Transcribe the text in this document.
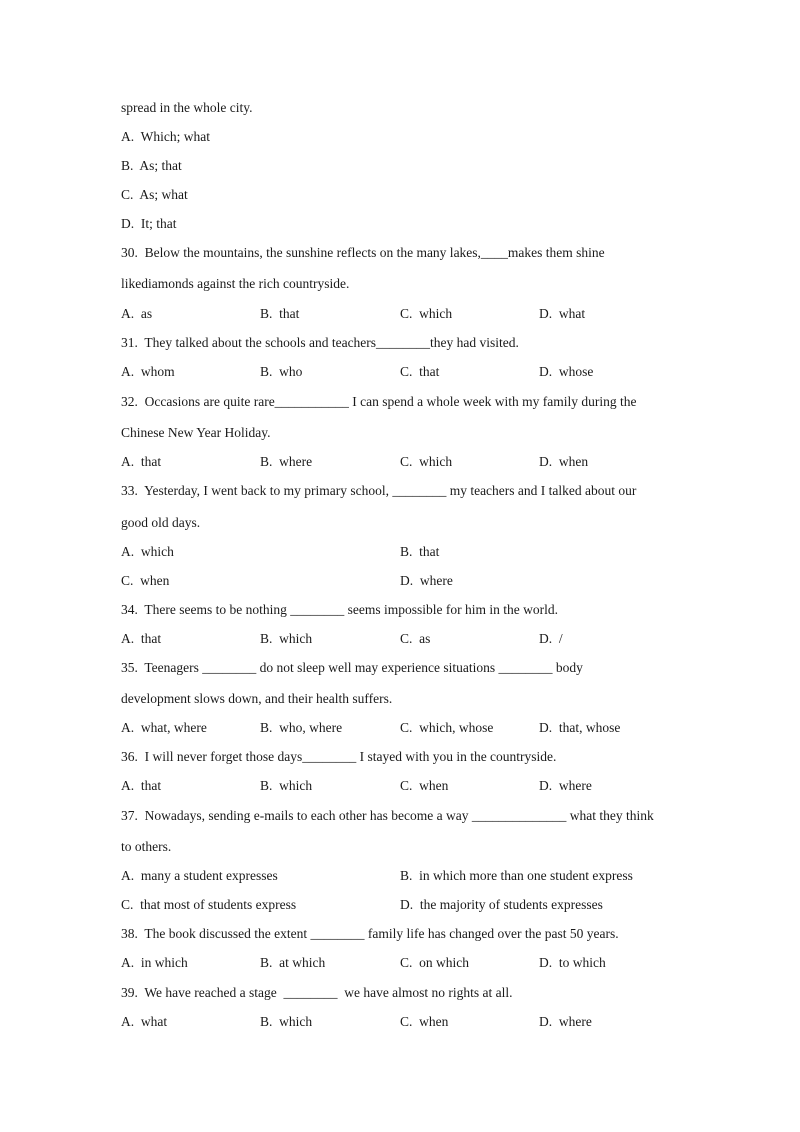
spread in the whole city.
A.  Which; what
B.  As; that
C.  As; what
D.  It; that
30.  Below the mountains, the sunshine reflects on the many lakes,____makes them shine
likediamonds against the rich countryside.
A.  as	B.  that	C.  which	D.  what
31.  They talked about the schools and teachers________they had visited.
A.  whom	B.  who	C.  that	D.  whose
32.  Occasions are quite rare___________ I can spend a whole week with my family during the
Chinese New Year Holiday.
A.  that	B.  where	C.  which	D.  when
33.  Yesterday, I went back to my primary school, ________ my teachers and I talked about our
good old days.
A.  which	B.  that
C.  when	D.  where
34.  There seems to be nothing ________ seems impossible for him in the world.
A.  that	B.  which	C.  as	D.  /
35.  Teenagers ________ do not sleep well may experience situations ________ body
development slows down, and their health suffers.
A.  what, where	B.  who, where	C.  which, whose	D.  that, whose
36.  I will never forget those days________ I stayed with you in the countryside.
A.  that	B.  which	C.  when	D.  where
37.  Nowadays, sending e-mails to each other has become a way ______________ what they think
to others.
A.  many a student expresses	B.  in which more than one student express
C.  that most of students express	D.  the majority of students expresses
38.  The book discussed the extent ________ family life has changed over the past 50 years.
A.  in which	B.  at which	C.  on which	D.  to which
39.  We have reached a stage  ________  we have almost no rights at all.
A.  what	B.  which	C.  when	D.  where
